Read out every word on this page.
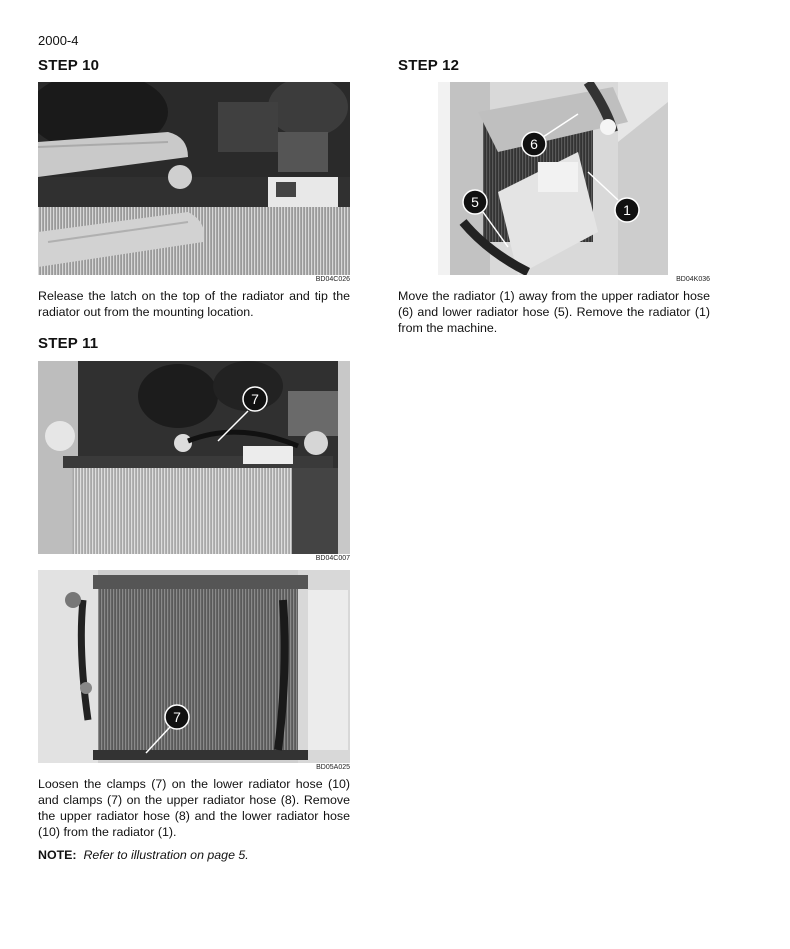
2000-4
STEP 10
BD04C026

Release the latch on the top of the radiator and tip the radiator out from the mounting location.

STEP 11
7
BD04C007
7
BD05A025

Loosen the clamps (7) on the lower radiator hose (10) and clamps (7) on the upper radiator hose (8). Remove the upper radiator hose (8) and the lower radiator hose (10) from the radiator (1).

NOTE: Refer to illustration on page 5.
STEP 12
6
5	1
BD04K036

Move the radiator (1) away from the upper radiator hose (6) and lower radiator hose (5). Remove the radiator (1) from the machine.
